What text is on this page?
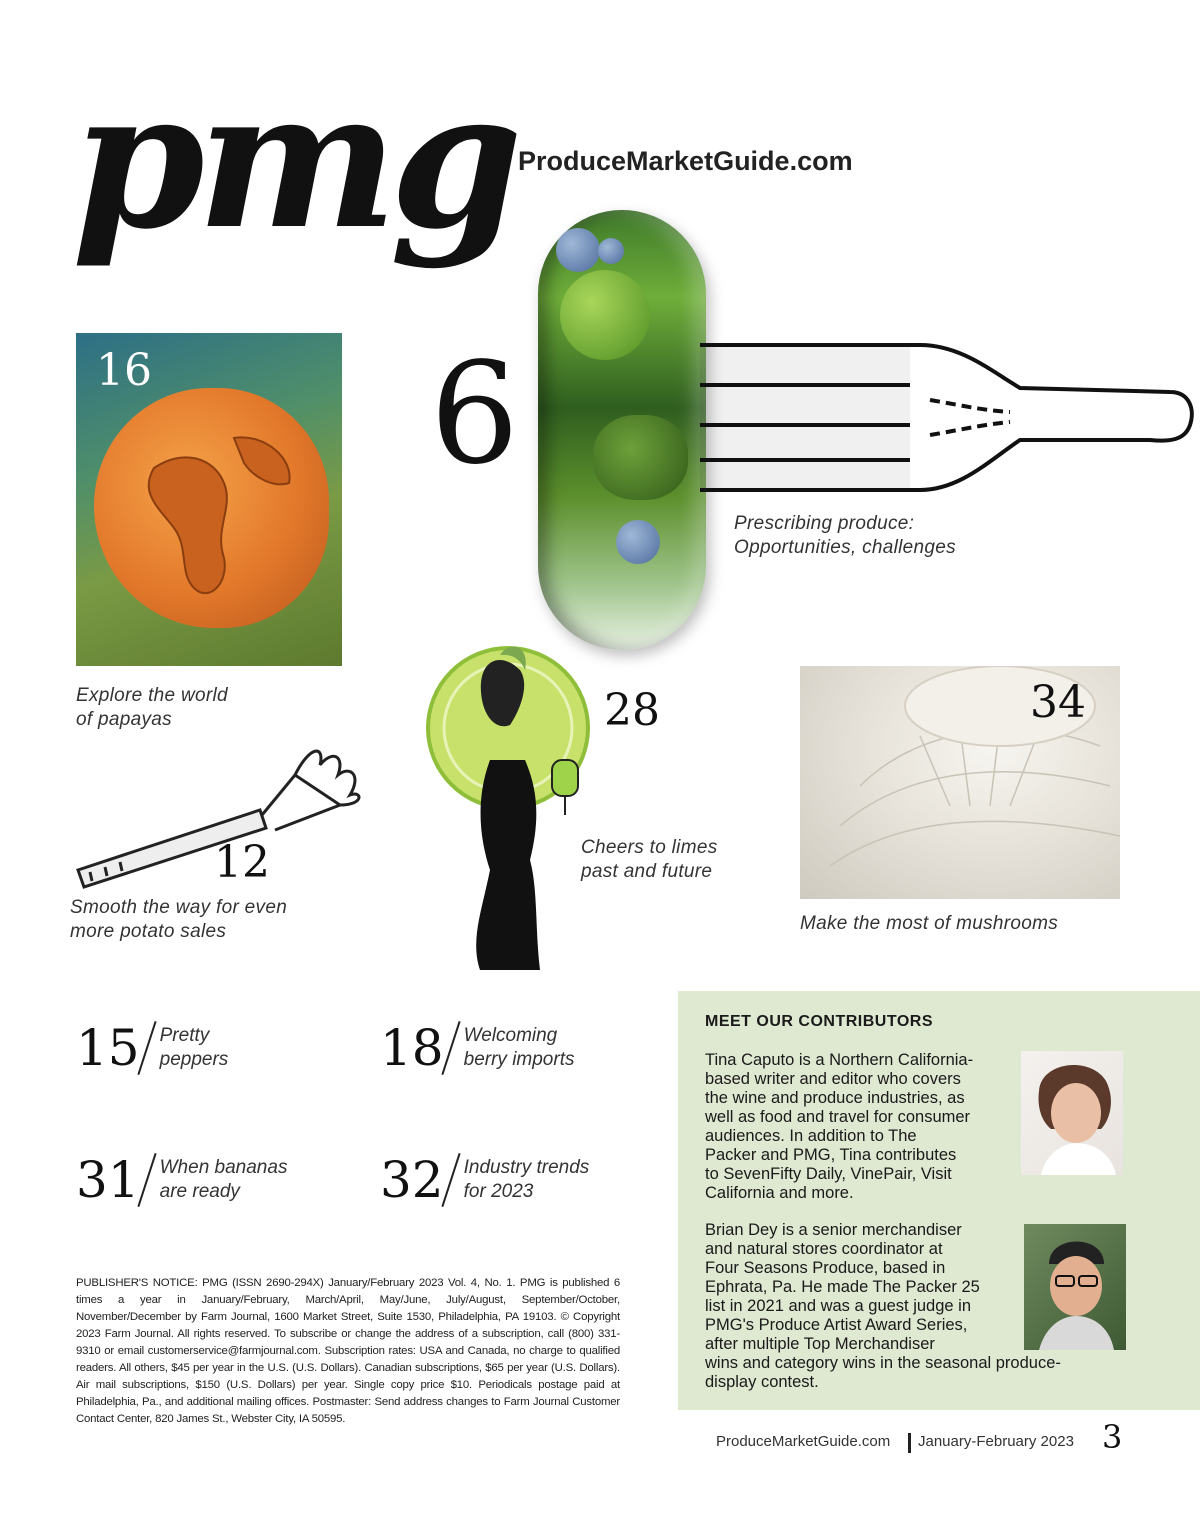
pmg ProduceMarketGuide.com
16
Explore the world
of papayas
6
Prescribing produce:
Opportunities, challenges
12
Smooth the way for even
more potato sales
28
Cheers to limes
past and future
34
Make the most of mushrooms
15 Pretty
peppers	18 Welcoming
berry imports
31 When bananas
are ready	32 Industry trends
for 2023
PUBLISHER'S NOTICE: PMG (ISSN 2690-294X) January/February 2023 Vol. 4, No. 1. PMG is published 6 times a year in January/February, March/April, May/June, July/August, September/October, November/December by Farm Journal, 1600 Market Street, Suite 1530, Philadelphia, PA 19103. © Copyright 2023 Farm Journal. All rights reserved. To subscribe or change the address of a subscription, call (800) 331-9310 or email customerservice@farmjournal.com. Subscription rates: USA and Canada, no charge to qualified readers. All others, $45 per year in the U.S. (U.S. Dollars). Canadian subscriptions, $65 per year (U.S. Dollars). Air mail subscriptions, $150 (U.S. Dollars) per year. Single copy price $10. Periodicals postage paid at Philadelphia, Pa., and additional mailing offices. Postmaster: Send address changes to Farm Journal Customer Contact Center, 820 James St., Webster City, IA 50595.
MEET OUR CONTRIBUTORS
Tina Caputo is a Northern California-
based writer and editor who covers
the wine and produce industries, as
well as food and travel for consumer
audiences. In addition to The
Packer and PMG, Tina contributes
to SevenFifty Daily, VinePair, Visit
California and more.
Brian Dey is a senior merchandiser
and natural stores coordinator at
Four Seasons Produce, based in
Ephrata, Pa. He made The Packer 25
list in 2021 and was a guest judge in
PMG's Produce Artist Award Series,
after multiple Top Merchandiser
wins and category wins in the seasonal produce-
display contest.
ProduceMarketGuide.com January-February 2023 3
